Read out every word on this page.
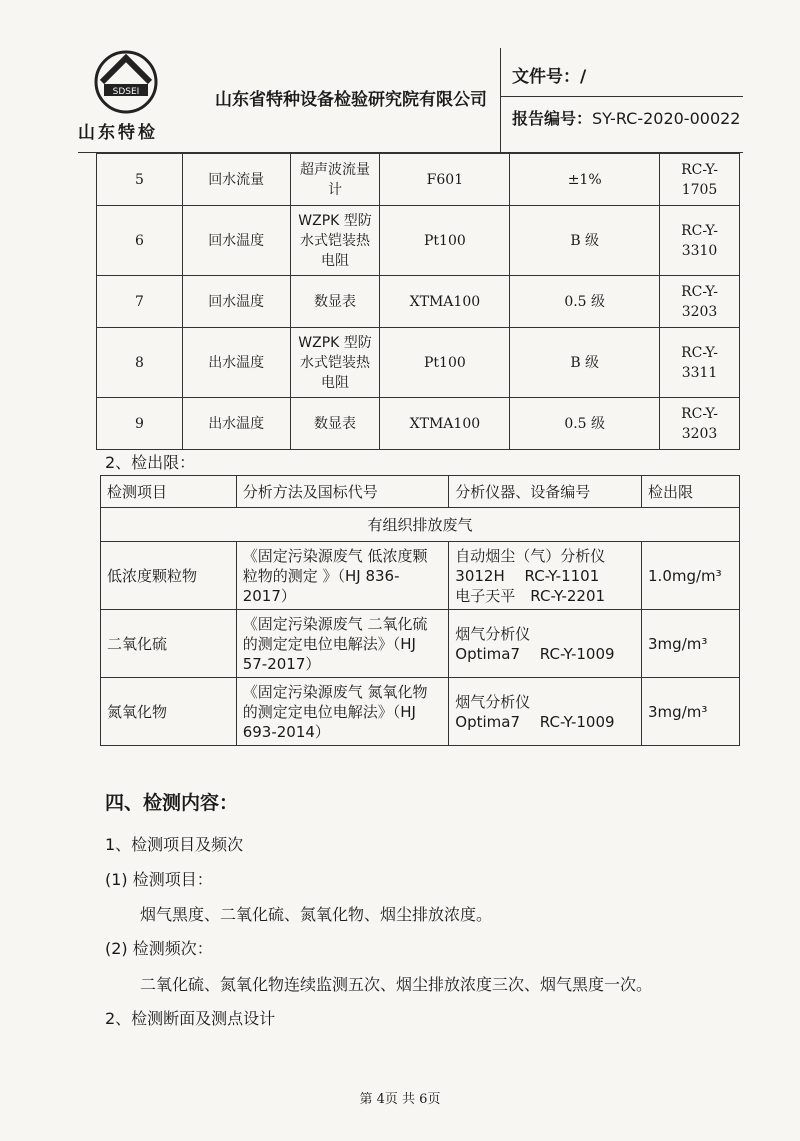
SDSEI
山东特检
山东省特种设备检验研究院有限公司
文件号：/
报告编号：SY-RC-2020-00022
5	回水流量	超声波流量计	F601	±1%	RC-Y-1705
6	回水温度	WZPK 型防水式铠装热电阻	Pt100	B 级	RC-Y-3310
7	回水温度	数显表	XTMA100	0.5 级	RC-Y-3203
8	出水温度	WZPK 型防水式铠装热电阻	Pt100	B 级	RC-Y-3311
9	出水温度	数显表	XTMA100	0.5 级	RC-Y-3203
2、检出限：
检测项目	分析方法及国标代号	分析仪器、设备编号	检出限
有组织排放废气			
低浓度颗粒物	《固定污染源废气 低浓度颗粒物的测定 》（HJ 836-2017）	自动烟尘（气）分析仪
3012H　 RC-Y-1101
电子天平　RC-Y-2201	1.0mg/m³
二氧化硫	《固定污染源废气 二氧化硫的测定定电位电解法》（HJ 57-2017）	烟气分析仪
Optima7　 RC-Y-1009	3mg/m³
氮氧化物	《固定污染源废气 氮氧化物的测定定电位电解法》（HJ 693-2014）	烟气分析仪
Optima7　 RC-Y-1009	3mg/m³
四、检测内容：
1、检测项目及频次
(1) 检测项目：
烟气黑度、二氧化硫、氮氧化物、烟尘排放浓度。
(2) 检测频次：
二氧化硫、氮氧化物连续监测五次、烟尘排放浓度三次、烟气黑度一次。
2、检测断面及测点设计
第 4页 共 6页
